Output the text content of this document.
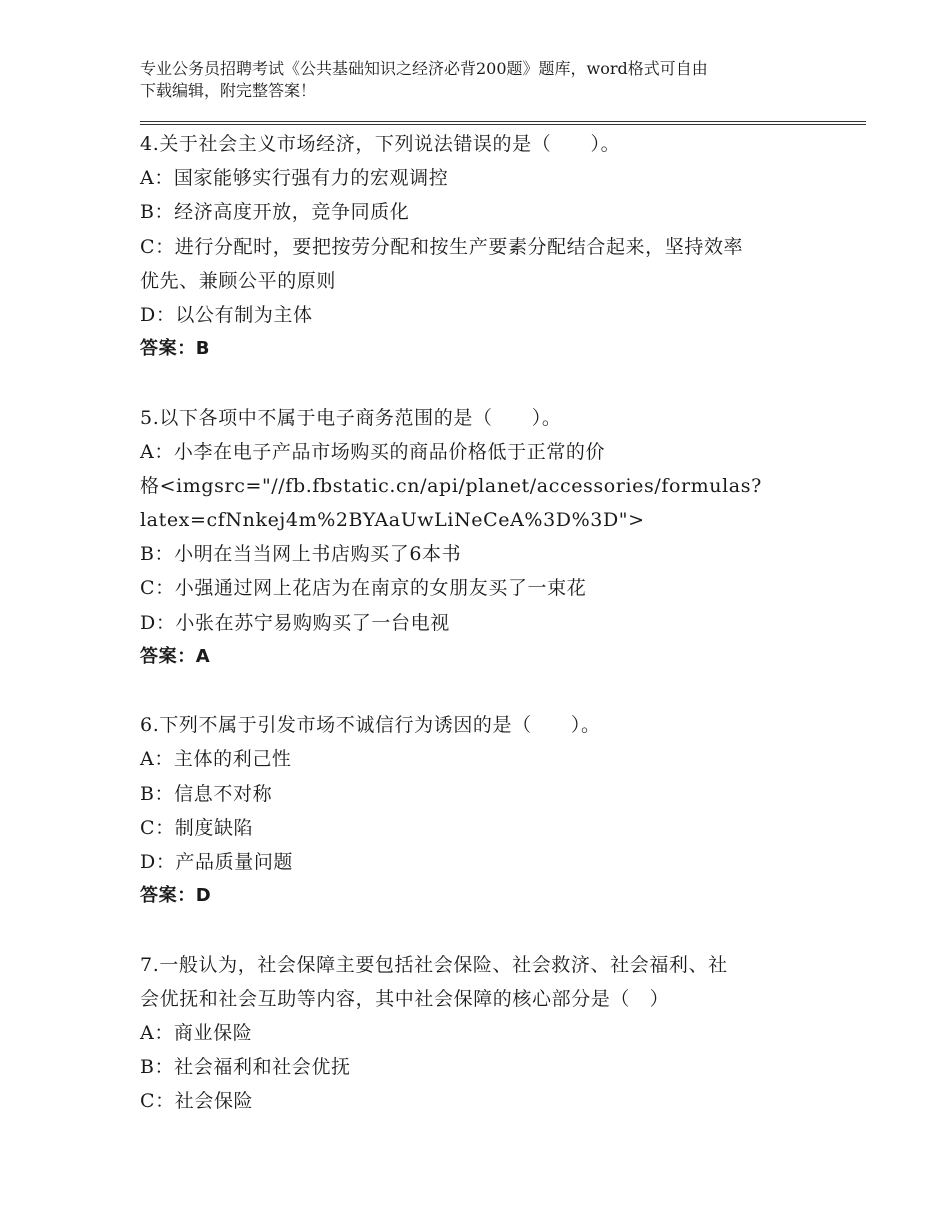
专业公务员招聘考试《公共基础知识之经济必背200题》题库，word格式可自由
下载编辑，附完整答案！
4.关于社会主义市场经济，下列说法错误的是（　　）。
A：国家能够实行强有力的宏观调控
B：经济高度开放，竞争同质化
C：进行分配时，要把按劳分配和按生产要素分配结合起来，坚持效率
优先、兼顾公平的原则
D：以公有制为主体
答案：B
5.以下各项中不属于电子商务范围的是（　　）。
A：小李在电子产品市场购买的商品价格低于正常的价
格<imgsrc="//fb.fbstatic.cn/api/planet/accessories/formulas?
latex=cfNnkej4m%2BYAaUwLiNeCeA%3D%3D">
B：小明在当当网上书店购买了6本书
C：小强通过网上花店为在南京的女朋友买了一束花
D：小张在苏宁易购购买了一台电视
答案：A
6.下列不属于引发市场不诚信行为诱因的是（　　）。
A：主体的利己性
B：信息不对称
C：制度缺陷
D：产品质量问题
答案：D
7.一般认为，社会保障主要包括社会保险、社会救济、社会福利、社
会优抚和社会互助等内容，其中社会保障的核心部分是（　）
A：商业保险
B：社会福利和社会优抚
C：社会保险
